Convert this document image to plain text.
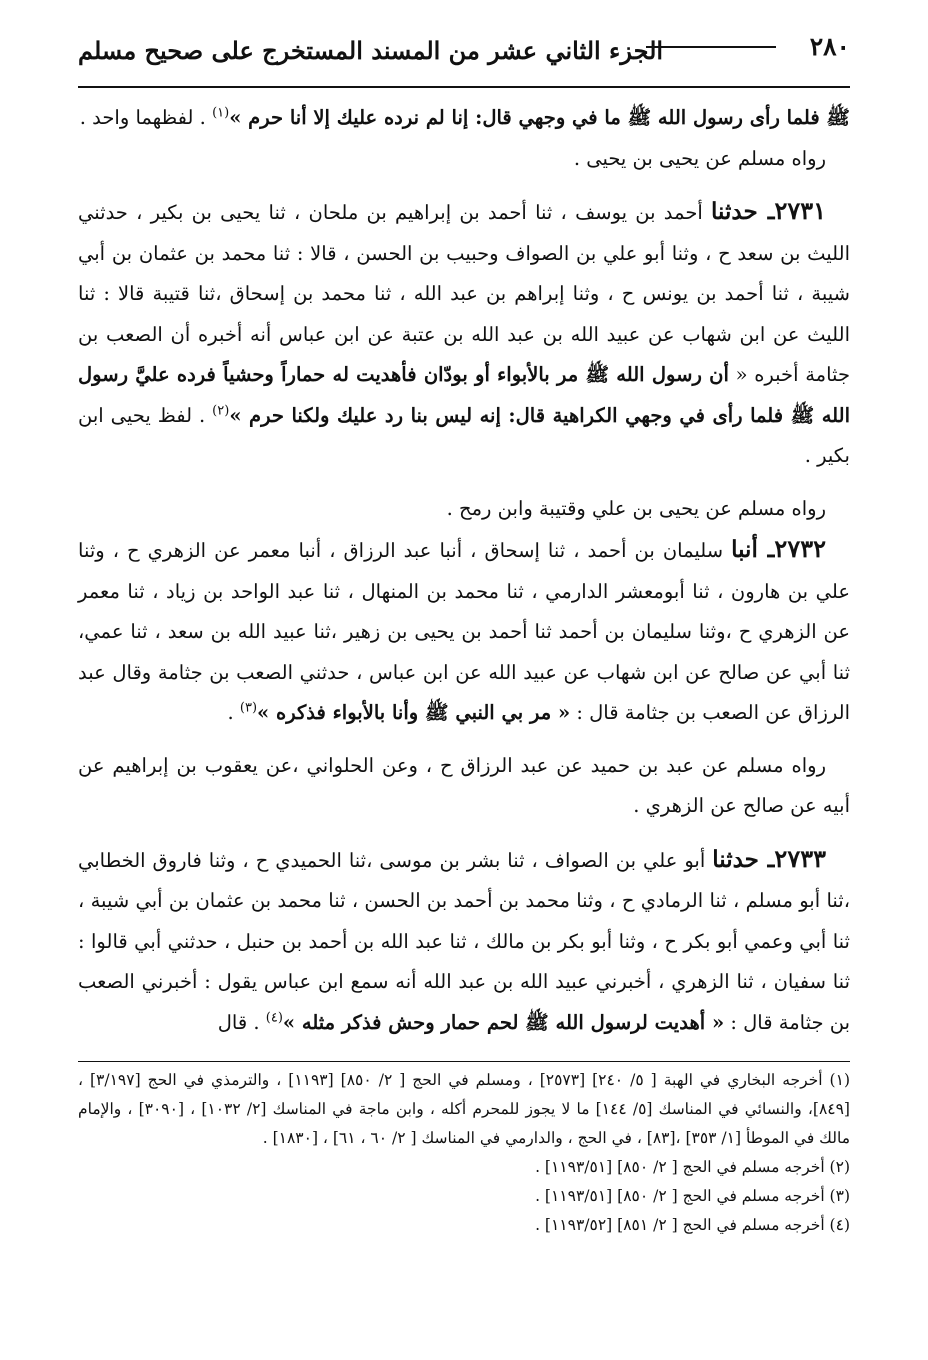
٢٨٠
الجزء الثاني عشر من المسند المستخرج على صحيح مسلم

ﷺ فلما رأى رسول الله ﷺ ما في وجهي قال: إنا لم نرده عليك إلا أنا حرم »$^{(١)}$ . لفظهما واحد .

رواه مسلم عن يحيى بن يحيى .

٢٧٣١ـ حدثنا أحمد بن يوسف ، ثنا أحمد بن إبراهيم بن ملحان ، ثنا يحيى بن بكير ، حدثني الليث بن سعد ح ، وثنا أبو علي بن الصواف وحبيب بن الحسن ، قالا : ثنا محمد بن عثمان بن أبي شيبة ، ثنا أحمد بن يونس ح ، وثنا إبراهم بن عبد الله ، ثنا محمد بن إسحاق ،ثنا قتيبة قالا : ثنا الليث عن ابن شهاب عن عبيد الله بن عبد الله بن عتبة عن ابن عباس أنه أخبره أن الصعب بن جثامة أخبره « أن رسول الله ﷺ مر بالأبواء أو بودّان فأهديت له حماراً وحشياً فرده عليَّ رسول الله ﷺ فلما رأى في وجهي الكراهية قال: إنه ليس بنا رد عليك ولكنا حرم »$^{(٢)}$ . لفظ يحيى ابن بكير .

رواه مسلم عن يحيى بن علي وقتيبة وابن رمح .

٢٧٣٢ـ أنبا سليمان بن أحمد ، ثنا إسحاق ، أنبا عبد الرزاق ، أنبا معمر عن الزهري ح ، وثنا علي بن هارون ، ثنا أبومعشر الدارمي ، ثنا محمد بن المنهال ، ثنا عبد الواحد بن زياد ، ثنا معمر عن الزهري ح ،وثنا سليمان بن أحمد ثنا أحمد بن يحيى بن زهير ،ثنا عبيد الله بن سعد ، ثنا عمي، ثنا أبي عن صالح عن ابن شهاب عن عبيد الله عن ابن عباس ، حدثني الصعب بن جثامة وقال عبد الرزاق عن الصعب بن جثامة قال : « مر بي النبي ﷺ وأنا بالأبواء فذكره »$^{(٣)}$ .

رواه مسلم عن عبد بن حميد عن عبد الرزاق ح ، وعن الحلواني ،عن يعقوب بن إبراهيم عن أبيه عن صالح عن الزهري .

٢٧٣٣ـ حدثنا أبو علي بن الصواف ، ثنا بشر بن موسى ،ثنا الحميدي ح ، وثنا فاروق الخطابي ،ثنا أبو مسلم ، ثنا الرمادي ح ، وثنا محمد بن أحمد بن الحسن ، ثنا محمد بن عثمان بن أبي شيبة ، ثنا أبي وعمي أبو بكر ح ، وثنا أبو بكر بن مالك ، ثنا عبد الله بن أحمد بن حنبل ، حدثني أبي قالوا : ثنا سفيان ، ثنا الزهري ، أخبرني عبيد الله بن عبد الله أنه سمع ابن عباس يقول : أخبرني الصعب بن جثامة قال : « أهديت لرسول الله ﷺ لحم حمار وحش فذكر مثله »$^{(٤)}$ . قال

(١) أخرجه البخاري في الهبة [ ٥/ ٢٤٠] [٢٥٧٣] ، ومسلم في الحج [ ٢/ ٨٥٠] [١١٩٣] ، والترمذي في الحج [٣/١٩٧] ، [٨٤٩]، والنسائي في المناسك [٥/ ١٤٤] ما لا يجوز للمحرم أكله ، وابن ماجة في المناسك [٢/ ١٠٣٢] ، [٣٠٩٠] ، والإمام مالك في الموطأ [١/ ٣٥٣] ،[٨٣] ، في الحج ، والدارمي في المناسك [ ٢/ ٦٠ ، ٦١] ، [١٨٣٠] .

(٢) أخرجه مسلم في الحج [ ٢/ ٨٥٠] [١١٩٣/٥١] .

(٣) أخرجه مسلم في الحج [ ٢/ ٨٥٠] [١١٩٣/٥١] .

(٤) أخرجه مسلم في الحج [ ٢/ ٨٥١] [١١٩٣/٥٢] .
